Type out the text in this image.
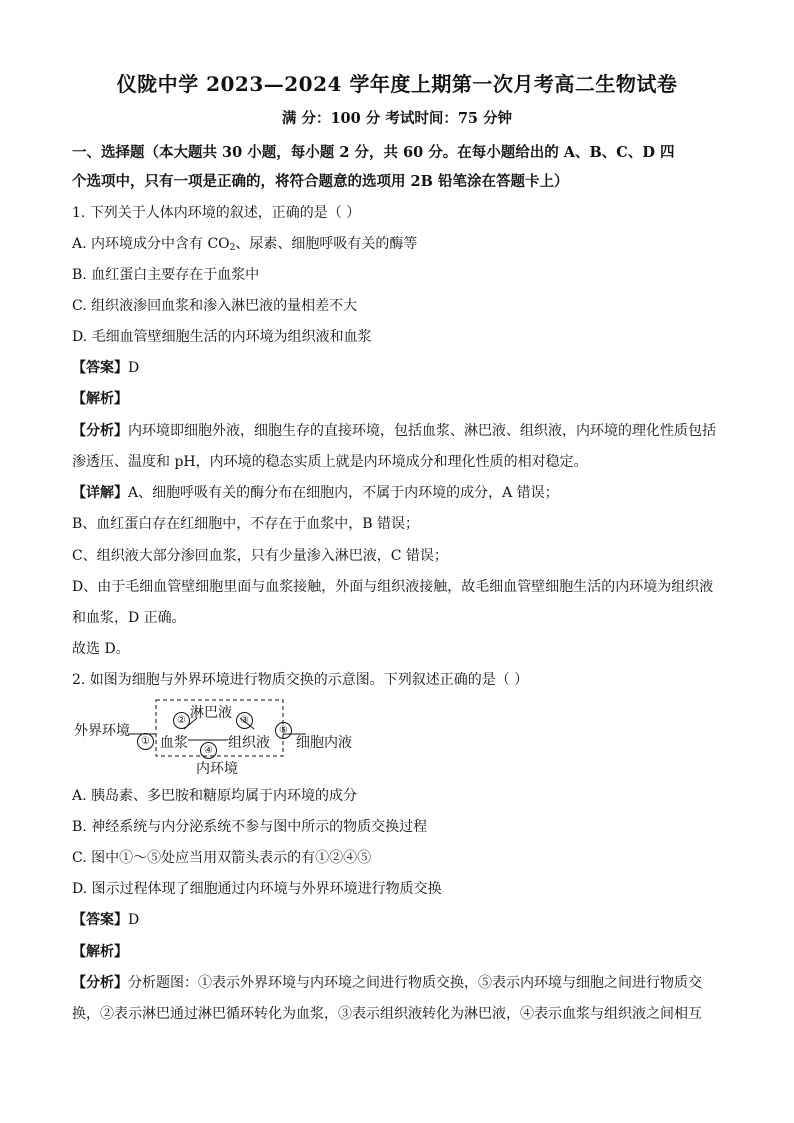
仪陇中学 2023—2024 学年度上期第一次月考高二生物试卷
满 分：100 分 考试时间：75 分钟
一、选择题（本大题共 30 小题，每小题 2 分，共 60 分。在每小题给出的 A、B、C、D 四
个选项中，只有一项是正确的，将符合题意的选项用 2B 铅笔涂在答题卡上）
1. 下列关于人体内环境的叙述，正确的是（ ）
A. 内环境成分中含有 $CO_2$、尿素、细胞呼吸有关的酶等
B. 血红蛋白主要存在于血浆中
C. 组织液渗回血浆和渗入淋巴液的量相差不大
D. 毛细血管壁细胞生活的内环境为组织液和血浆
【答案】D
【解析】
【分析】内环境即细胞外液，细胞生存的直接环境，包括血浆、淋巴液、组织液，内环境的理化性质包括
渗透压、温度和 pH，内环境的稳态实质上就是内环境成分和理化性质的相对稳定。
【详解】A、细胞呼吸有关的酶分布在细胞内，不属于内环境的成分，A 错误；
B、血红蛋白存在红细胞中，不存在于血浆中，B 错误；
C、组织液大部分渗回血浆，只有少量渗入淋巴液，C 错误；
D、由于毛细血管壁细胞里面与血浆接触，外面与组织液接触，故毛细血管壁细胞生活的内环境为组织液
和血浆，D 正确。
故选 D。
2. 如图为细胞与外界环境进行物质交换的示意图。下列叙述正确的是（ ）
外界环境
①
② 淋巴液 ③
血浆	④ 组织液
⑤
细胞内液
内环境
A. 胰岛素、多巴胺和糖原均属于内环境的成分
B. 神经系统与内分泌系统不参与图中所示的物质交换过程
C. 图中①～⑤处应当用双箭头表示的有①②④⑤
D. 图示过程体现了细胞通过内环境与外界环境进行物质交换
【答案】D
【解析】
【分析】分析题图：①表示外界环境与内环境之间进行物质交换，⑤表示内环境与细胞之间进行物质交
换，②表示淋巴通过淋巴循环转化为血浆，③表示组织液转化为淋巴液，④表示血浆与组织液之间相互
